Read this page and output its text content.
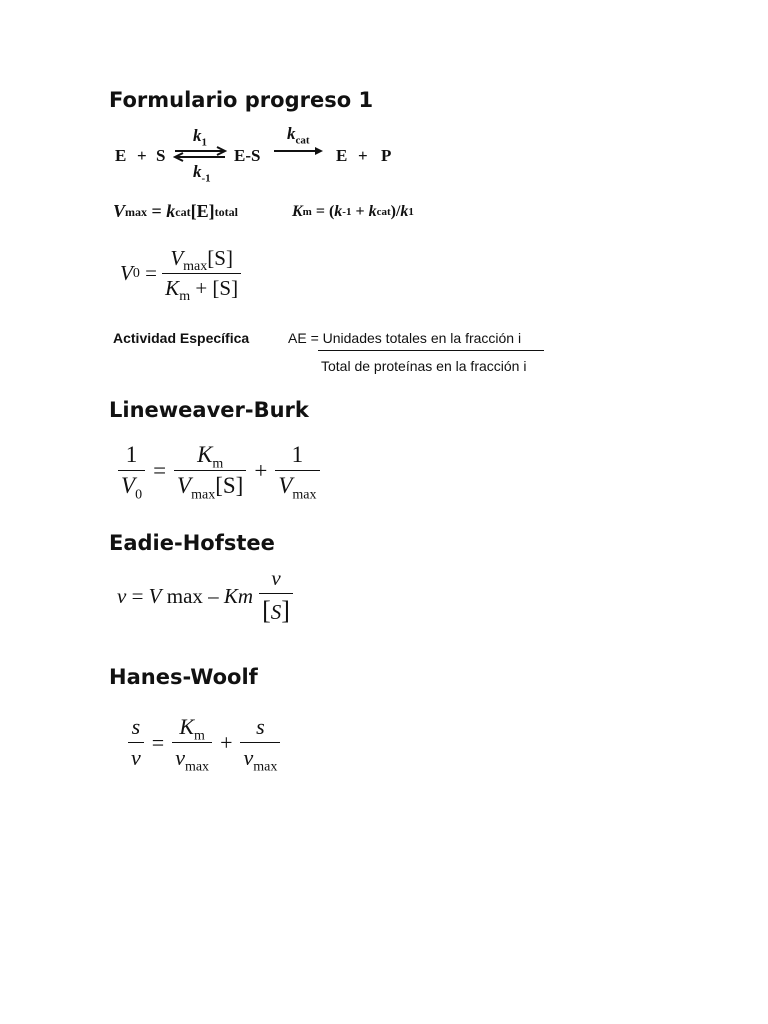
Formulario progreso 1
E + S
$k_1$
$k_{-1}$
E-S
$k_{cat}$
E + P
V max = k cat [E] total	K m = ( k -1 + k cat )/ k 1
V $0 = \frac{V_{max}[S]}{K_m + [S]}$
Actividad Específica	AE = Unidades totales en la fracción i
Total de proteínas en la fracción i
Lineweaver-Burk
$\frac{1}{V_0} = \frac{K_m}{V_{max}[S]} + \frac{1}{V_{max}}$
Eadie-Hofstee
v = V max – Km $\frac{v}{[S]}$
Hanes-Woolf
$\frac{s}{v} = \frac{K_m}{v_{max}} + \frac{s}{v_{max}}$
